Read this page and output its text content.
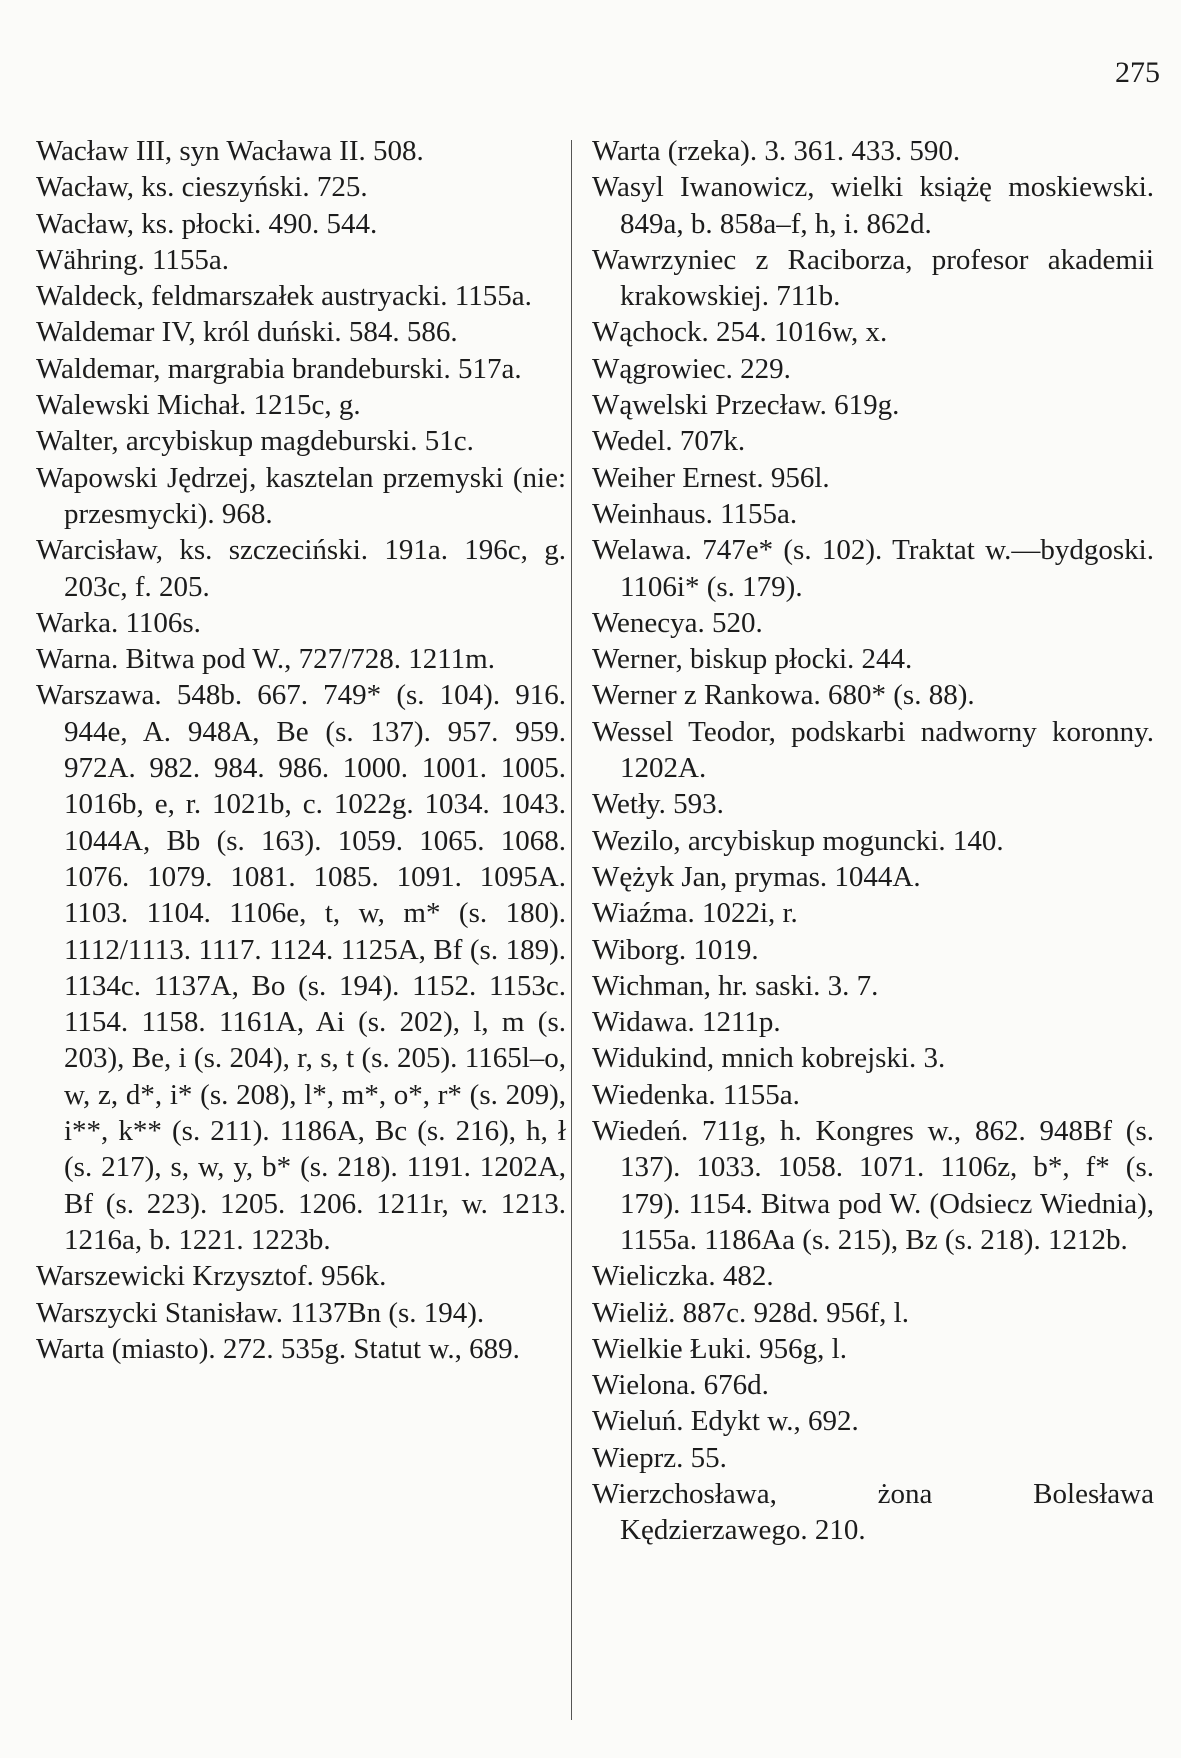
275

Wacław III, syn Wacława II. 508.

Wacław, ks. cieszyński. 725.

Wacław, ks. płocki. 490. 544.

Währing. 1155a.

Waldeck, feldmarszałek austryacki. 1155a.

Waldemar IV, król duński. 584. 586.

Waldemar, margrabia brandeburski. 517a.

Walewski Michał. 1215c, g.

Walter, arcybiskup magdeburski. 51c.

Wapowski Jędrzej, kasztelan przemyski (nie: przesmycki). 968.

Warcisław, ks. szczeciński. 191a. 196c, g. 203c, f. 205.

Warka. 1106s.

Warna. Bitwa pod W., 727/728. 1211m.

Warszawa. 548b. 667. 749* (s. 104). 916. 944e, A. 948A, Be (s. 137). 957. 959. 972A. 982. 984. 986. 1000. 1001. 1005. 1016b, e, r. 1021b, c. 1022g. 1034. 1043. 1044A, Bb (s. 163). 1059. 1065. 1068. 1076. 1079. 1081. 1085. 1091. 1095A. 1103. 1104. 1106e, t, w, m* (s. 180). 1112/1113. 1117. 1124. 1125A, Bf (s. 189). 1134c. 1137A, Bo (s. 194). 1152. 1153c. 1154. 1158. 1161A, Ai (s. 202), l, m (s. 203), Be, i (s. 204), r, s, t (s. 205). 1165l–o, w, z, d*, i* (s. 208), l*, m*, o*, r* (s. 209), i**, k** (s. 211). 1186A, Bc (s. 216), h, ł (s. 217), s, w, y, b* (s. 218). 1191. 1202A, Bf (s. 223). 1205. 1206. 1211r, w. 1213. 1216a, b. 1221. 1223b.

Warszewicki Krzysztof. 956k.

Warszycki Stanisław. 1137Bn (s. 194).

Warta (miasto). 272. 535g. Statut w., 689.

Warta (rzeka). 3. 361. 433. 590.

Wasyl Iwanowicz, wielki książę moskiewski. 849a, b. 858a–f, h, i. 862d.

Wawrzyniec z Raciborza, profesor akademii krakowskiej. 711b.

Wąchock. 254. 1016w, x.

Wągrowiec. 229.

Wąwelski Przecław. 619g.

Wedel. 707k.

Weiher Ernest. 956l.

Weinhaus. 1155a.

Welawa. 747e* (s. 102). Traktat w.—bydgoski. 1106i* (s. 179).

Wenecya. 520.

Werner, biskup płocki. 244.

Werner z Rankowa. 680* (s. 88).

Wessel Teodor, podskarbi nadworny koronny. 1202A.

Wetły. 593.

Wezilo, arcybiskup moguncki. 140.

Wężyk Jan, prymas. 1044A.

Wiaźma. 1022i, r.

Wiborg. 1019.

Wichman, hr. saski. 3. 7.

Widawa. 1211p.

Widukind, mnich kobrejski. 3.

Wiedenka. 1155a.

Wiedeń. 711g, h. Kongres w., 862. 948Bf (s. 137). 1033. 1058. 1071. 1106z, b*, f* (s. 179). 1154. Bitwa pod W. (Odsiecz Wiednia), 1155a. 1186Aa (s. 215), Bz (s. 218). 1212b.

Wieliczka. 482.

Wieliż. 887c. 928d. 956f, l.

Wielkie Łuki. 956g, l.

Wielona. 676d.

Wieluń. Edykt w., 692.

Wieprz. 55.

Wierzchosława, żona Bolesława Kędzierzawego. 210.
